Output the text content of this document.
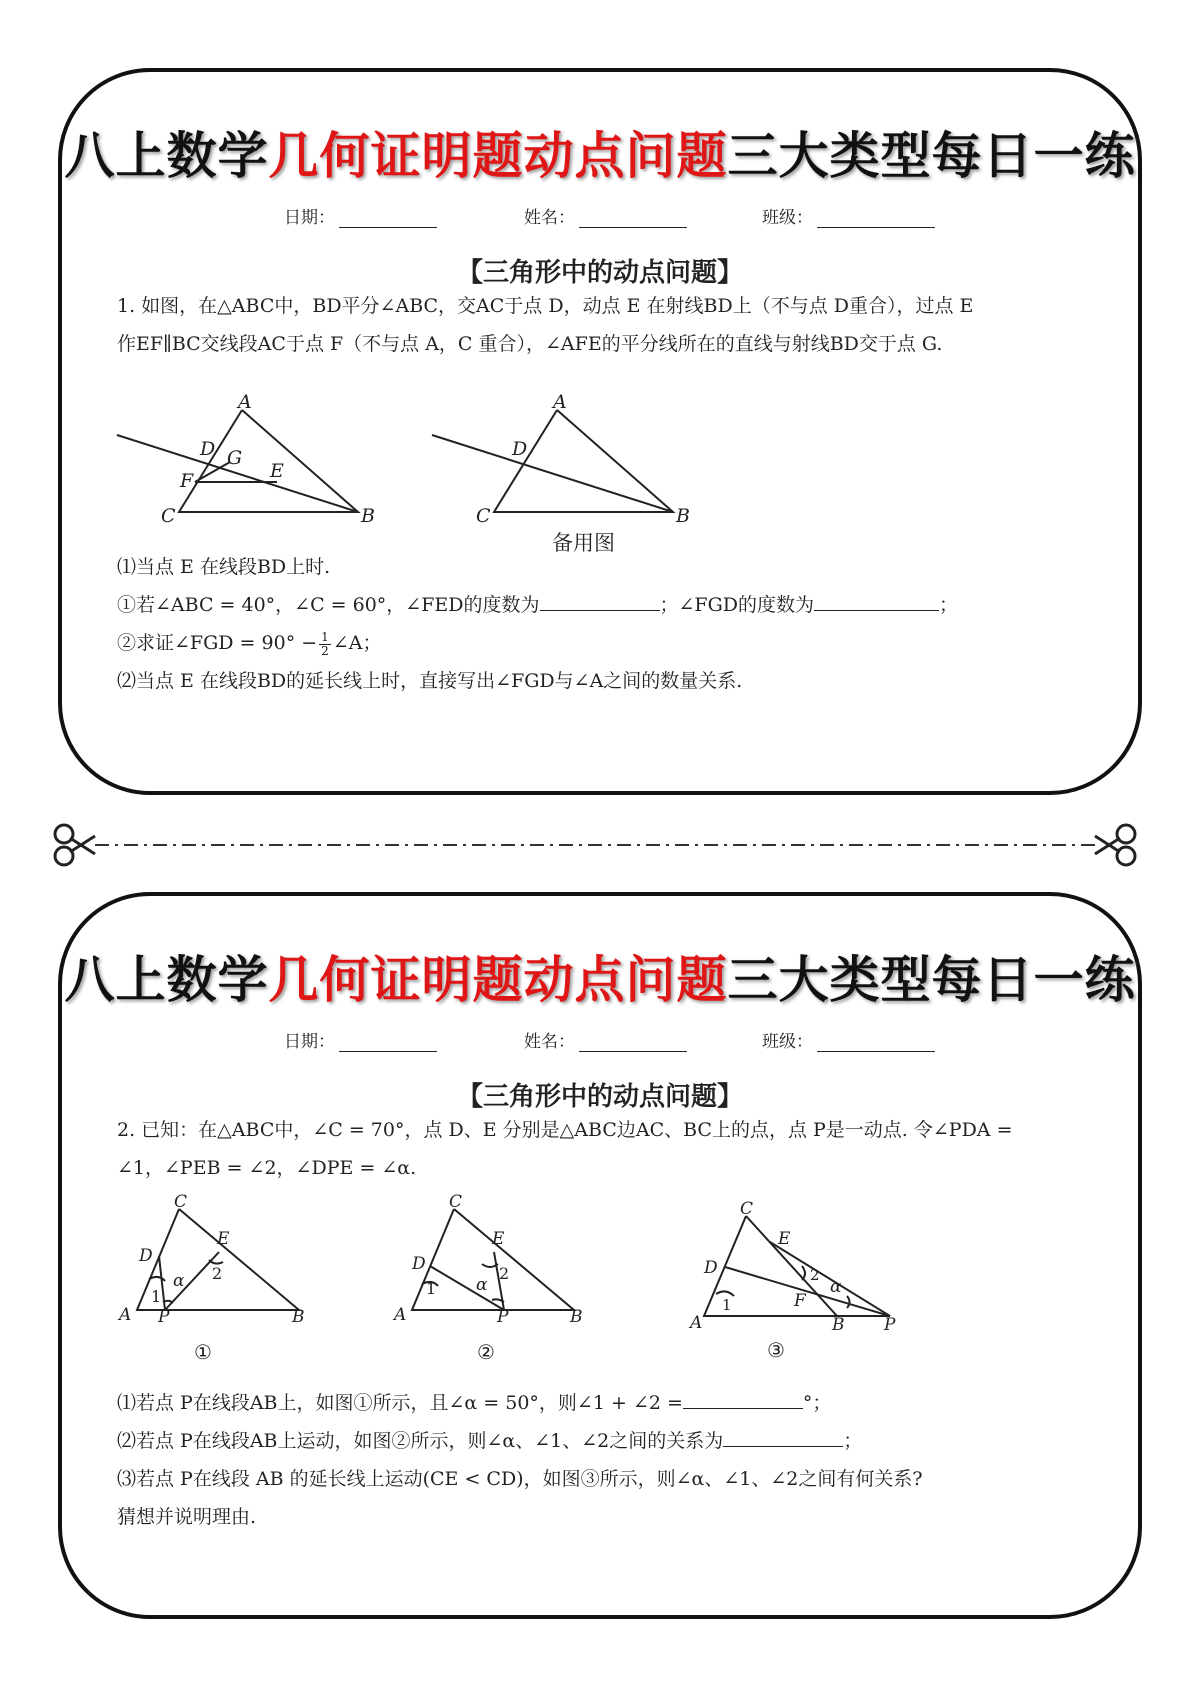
八上数学几何证明题动点问题三大类型每日一练
日期：	姓名：	班级：
【三角形中的动点问题】
1. 如图，在△ABC中，BD平分∠ABC，交AC于点 D，动点 E 在射线BD上（不与点 D重合），过点 E
作EF∥BC交线段AC于点 F（不与点 A，C 重合），∠AFE的平分线所在的直线与射线BD交于点 G.
A
B
C
D
E
F
G
A
B
C
D
备用图
⑴当点 E 在线段BD上时.
①若∠ABC = 40°，∠C = 60°，∠FED的度数为	；∠FGD的度数为	；
②求证∠FGD = $90^\circ - \frac{1}{2}$ ∠A；
⑵当点 E 在线段BD的延长线上时，直接写出∠FGD与∠A之间的数量关系.
八上数学几何证明题动点问题三大类型每日一练
日期：	姓名：	班级：
【三角形中的动点问题】
2. 已知：在△ABC中，∠C = 70°，点 D、E 分别是△ABC边AC、BC上的点，点 P是一动点. 令∠PDA =
∠1，∠PEB = ∠2，∠DPE = ∠α.
C
E
D
A P	B
α
1
2
①
C
E
D
A	P	B
α
1
2
②
C
E
D
A
F
B P
α
1
2
③
⑴若点 P在线段AB上，如图①所示，且∠α = 50°，则∠1 + ∠2 =	°；
⑵若点 P在线段AB上运动，如图②所示，则∠α、∠1、∠2之间的关系为	；
⑶若点 P在线段 AB 的延长线上运动(CE < CD)，如图③所示，则∠α、∠1、∠2之间有何关系?
猜想并说明理由.
